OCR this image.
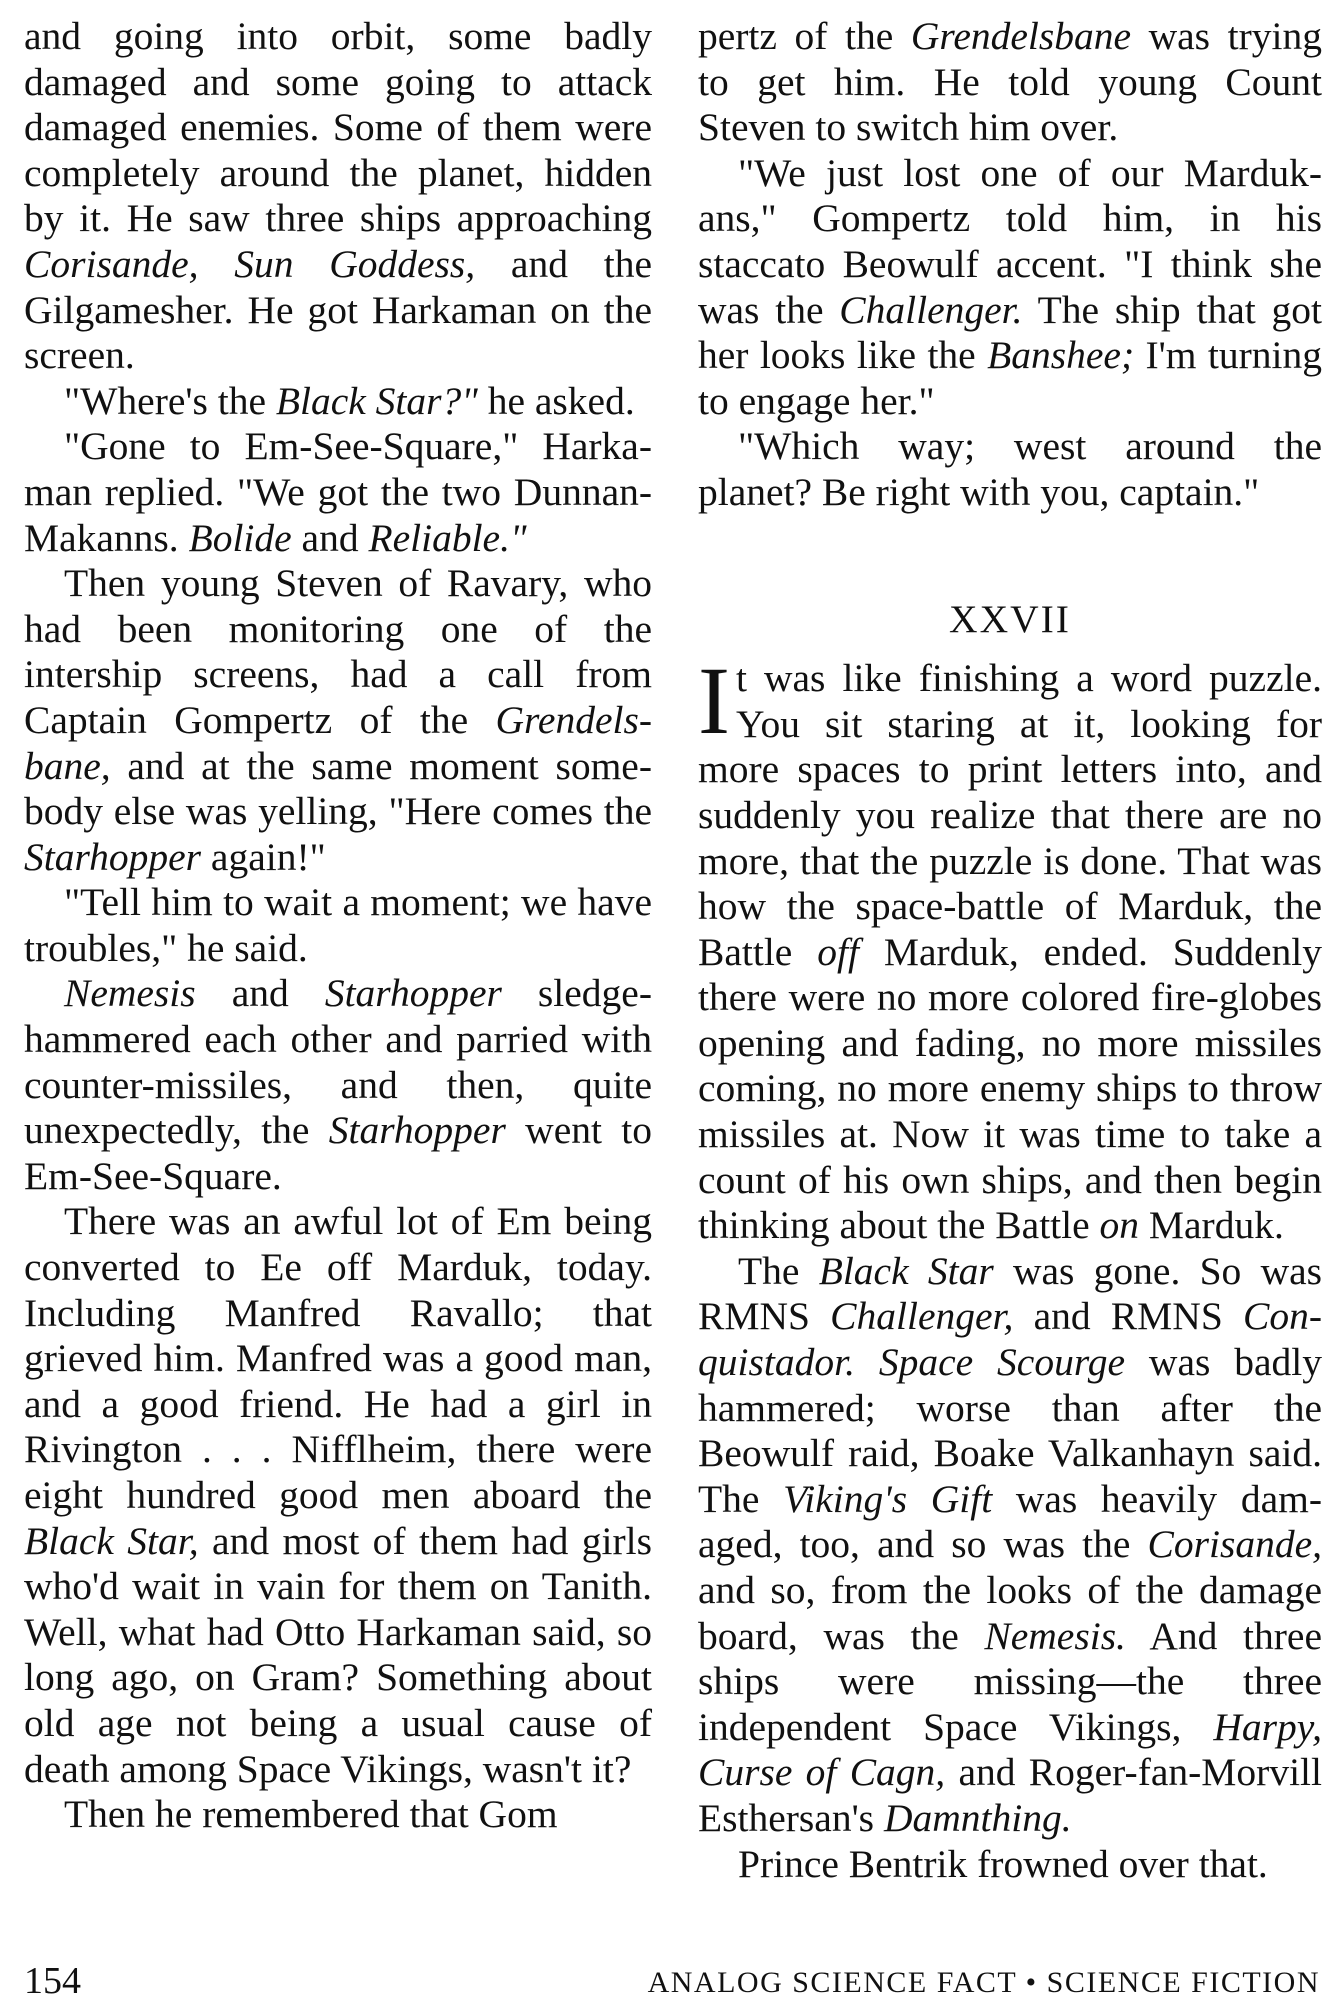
and going into orbit, some badly damaged and some going to attack damaged enemies. Some of them were completely around the planet, hidden by it. He saw three ships approaching Corisande, Sun Goddess, and the Gilgamesher. He got Harkaman on the screen.

"Where's the Black Star?" he asked.

"Gone to Em-See-Square," Harkaman replied. "We got the two Dunnan-Makanns. Bolide and Reliable."

Then young Steven of Ravary, who had been monitoring one of the intership screens, had a call from Captain Gompertz of the Grendelsbane, and at the same moment somebody else was yelling, "Here comes the Starhopper again!"

"Tell him to wait a moment; we have troubles," he said.

Nemesis and Starhopper sledgehammered each other and parried with counter-missiles, and then, quite unexpectedly, the Starhopper went to Em-See-Square.

There was an awful lot of Em being converted to Ee off Marduk, today. Including Manfred Ravallo; that grieved him. Manfred was a good man, and a good friend. He had a girl in Rivington . . . Nifflheim, there were eight hundred good men aboard the Black Star, and most of them had girls who'd wait in vain for them on Tanith. Well, what had Otto Harkaman said, so long ago, on Gram? Something about old age not being a usual cause of death among Space Vikings, wasn't it?

Then he remembered that Gom

pertz of the Grendelsbane was trying to get him. He told young Count Steven to switch him over.

"We just lost one of our Mardukans," Gompertz told him, in his staccato Beowulf accent. "I think she was the Challenger. The ship that got her looks like the Banshee; I'm turning to engage her."

"Which way; west around the planet? Be right with you, captain."

XXVII

It was like finishing a word puzzle. You sit staring at it, looking for more spaces to print letters into, and suddenly you realize that there are no more, that the puzzle is done. That was how the space-battle of Marduk, the Battle off Marduk, ended. Suddenly there were no more colored fire-globes opening and fading, no more missiles coming, no more enemy ships to throw missiles at. Now it was time to take a count of his own ships, and then begin thinking about the Battle on Marduk.

The Black Star was gone. So was RMNS Challenger, and RMNS Conquistador. Space Scourge was badly hammered; worse than after the Beowulf raid, Boake Valkanhayn said. The Viking's Gift was heavily damaged, too, and so was the Corisande, and so, from the looks of the damage board, was the Nemesis. And three ships were missing—the three independent Space Vikings, Harpy, Curse of Cagn, and Roger-fan-Morvill Esthersan's Damnthing.

Prince Bentrik frowned over that.

154	ANALOG SCIENCE FACT • SCIENCE FICTION
